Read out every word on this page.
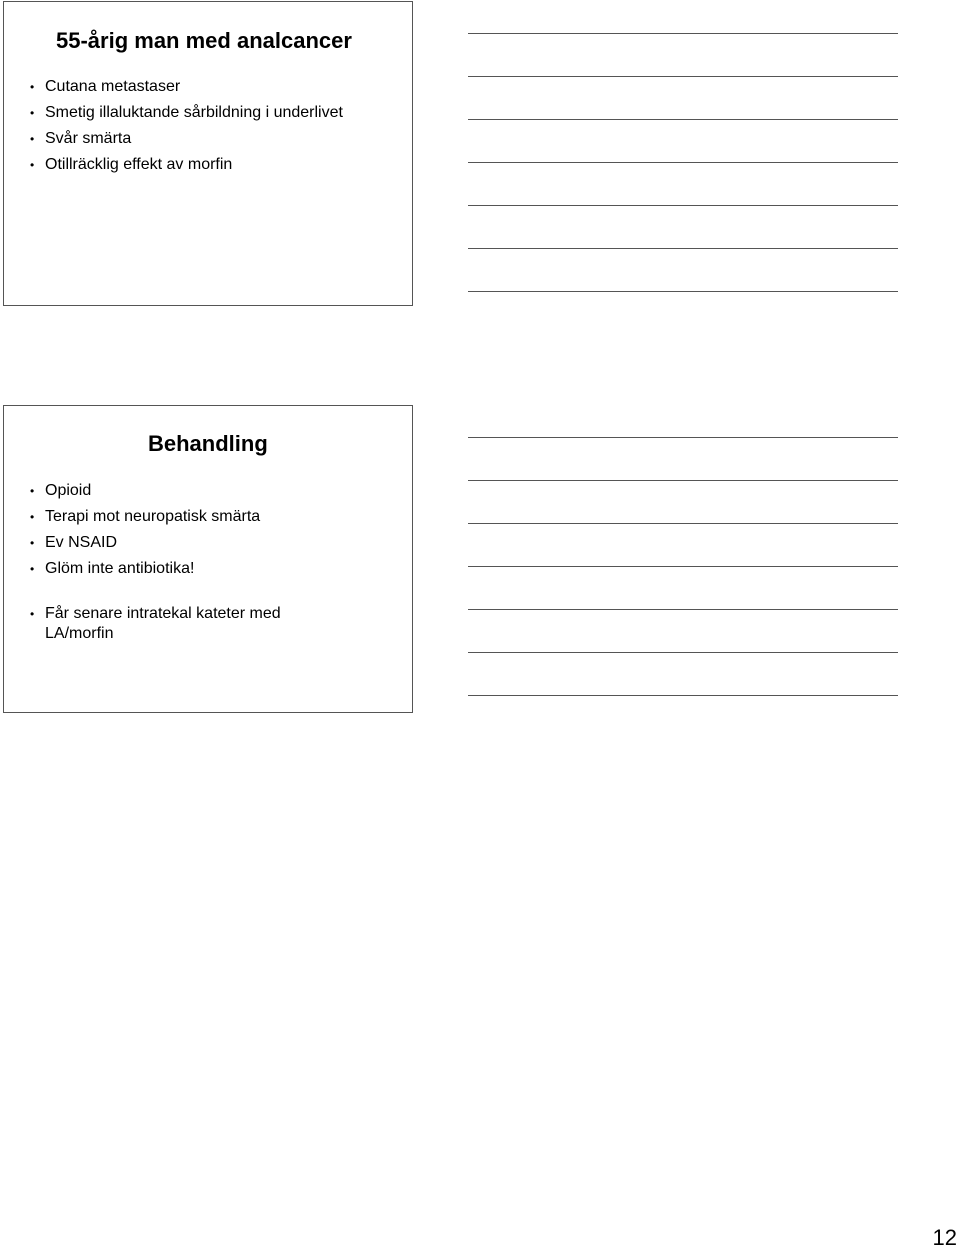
55-årig man med analcancer
• Cutana metastaser
• Smetig illaluktande sårbildning i underlivet
• Svår smärta
• Otillräcklig effekt av morfin
Behandling
• Opioid
• Terapi mot neuropatisk smärta
• Ev NSAID
• Glöm inte antibiotika!
• Får senare intratekal kateter med LA/morfin
12
